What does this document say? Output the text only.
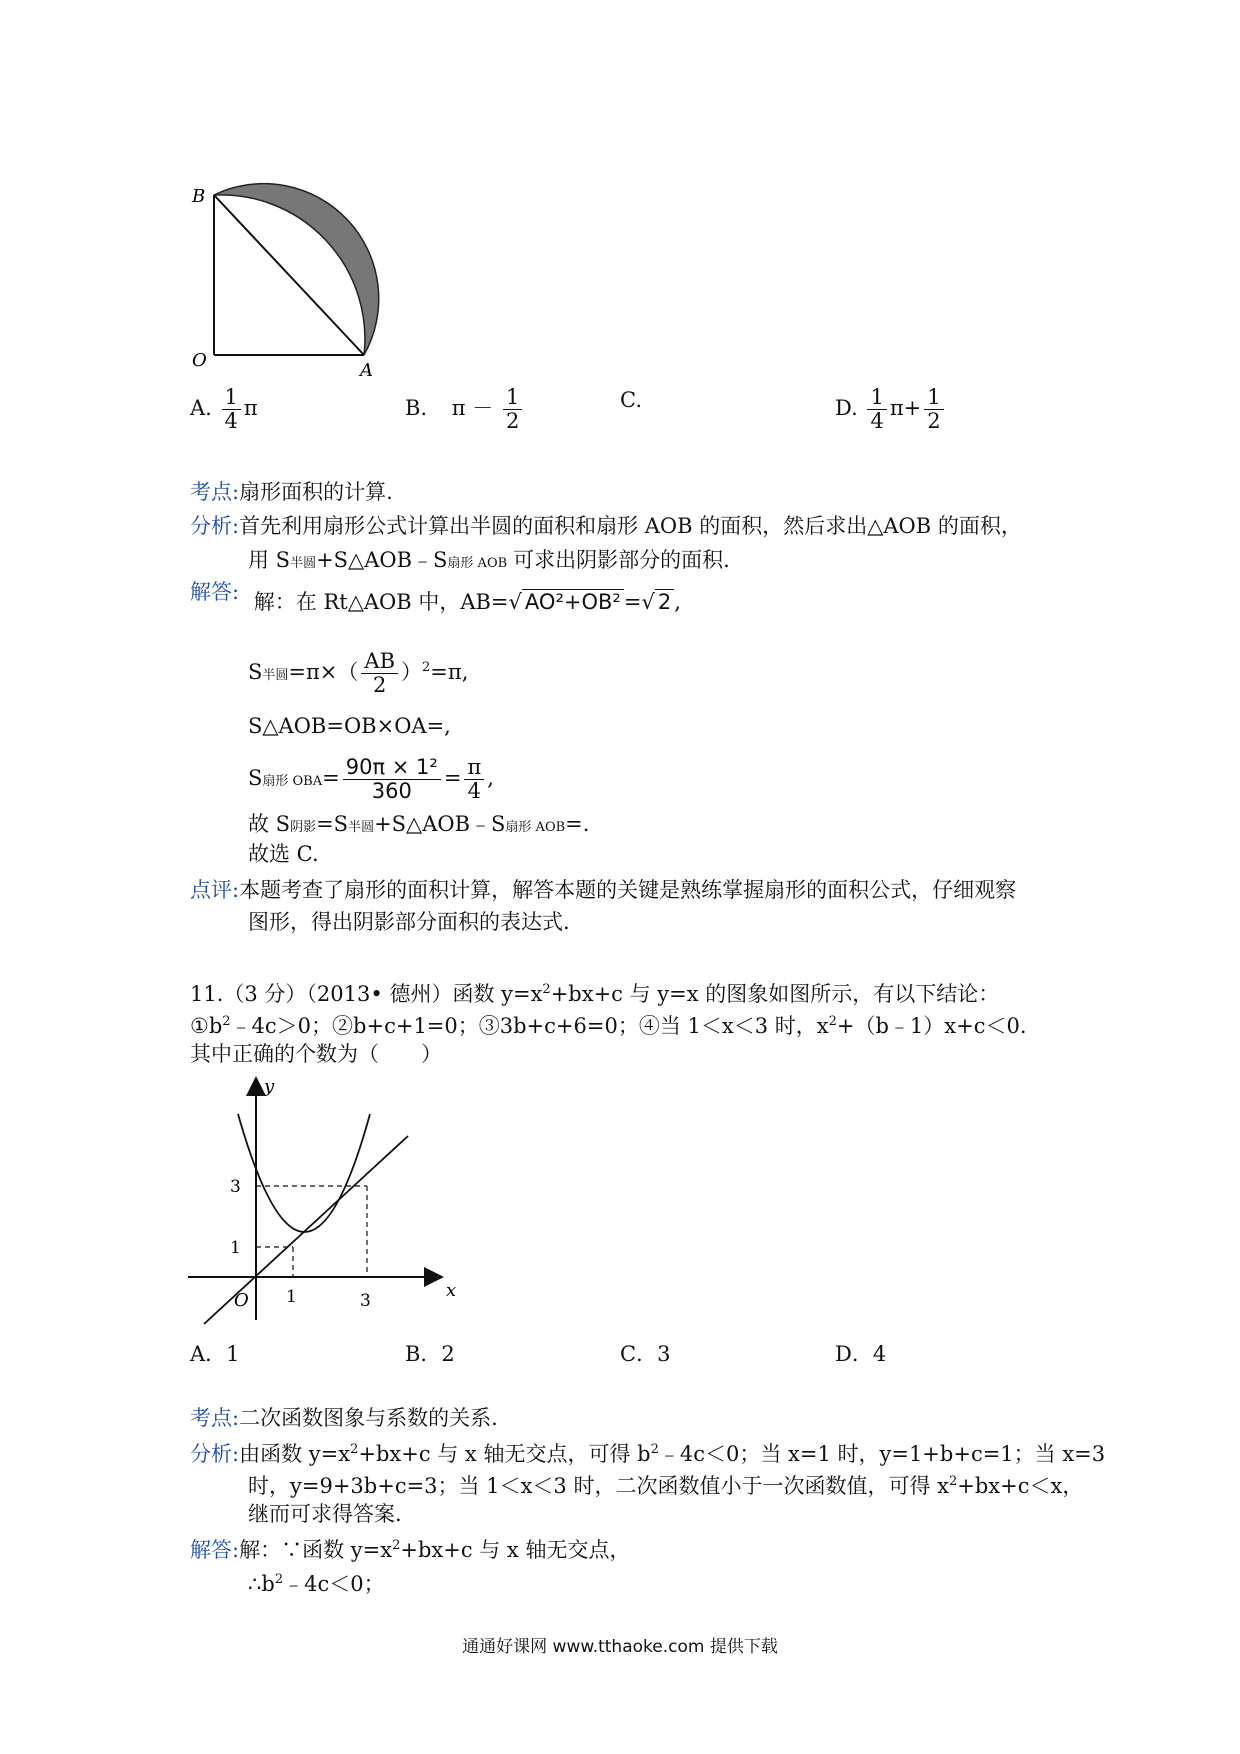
B
O	A
A. $\frac{1}{4}$ π	B. $\pi - \frac{1}{2}$	C.	D. $\frac{1}{4} \pi+ \frac{1}{2}$
考点:扇形面积的计算.
分析:首先利用扇形公式计算出半圆的面积和扇形 AOB 的面积，然后求出△AOB 的面积，
用 S半圆+S△AOB﹣S扇形 AOB 可求出阴影部分的面积.
解答: 解：在 Rt△AOB 中，AB=√ AO²+OB² =√ 2 ,
S半圆$=\pi\times( \frac{AB}{2} )^2=\pi$,
S△AOB=OB×OA=,
S扇形 $OBA= \frac{\text{90π × 1²}}{360} = \frac{\pi}{4}$ ,
故 S阴影=S半圆+S△AOB﹣S扇形 AOB=.
故选 C.
点评:本题考查了扇形的面积计算，解答本题的关键是熟练掌握扇形的面积公式，仔细观察
图形，得出阴影部分面积的表达式.
11.（3 分）（2013• 德州）函数 $y=x^2+bx+c$ 与 y=x 的图象如图所示，有以下结论：
$①b^2﹣4c>0$；②b+c+1=0；③3b+c+6=0；④当 1＜x＜3 时，$x^2+(b﹣1)x+c<0$.
其中正确的个数为（　　）
y
x
O
1
3
1	3
A．1	B．2	C．3	D．4
考点:二次函数图象与系数的关系.
分析:由函数 $y=x^2+bx+c$ 与 x 轴无交点，可得 $b^2﹣4c<0$；当 x=1 时，y=1+b+c=1；当 x=3
时，y=9+3b+c=3；当 1＜x＜3 时，二次函数值小于一次函数值，可得 $x^2+bx+c<x$，
继而可求得答案.
解答:解：∵函数 $y=x^2+bx+c$ 与 x 轴无交点，
$\therefore b^2﹣4c<0$；
通通好课网 www.tthaoke.com 提供下载
